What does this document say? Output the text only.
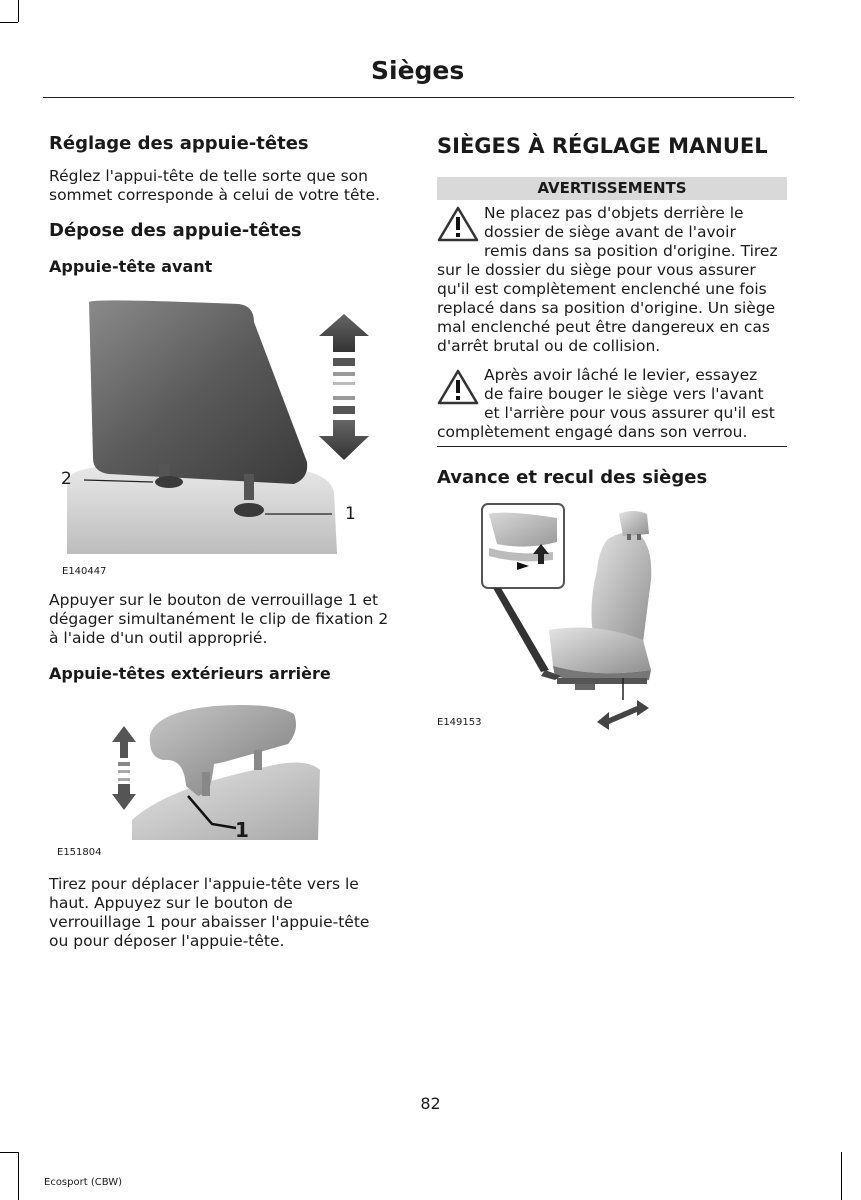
Sièges
Réglage des appuie-têtes
Réglez l'appui-tête de telle sorte que son
sommet corresponde à celui de votre tête.
Dépose des appuie-têtes
Appuie-tête avant
2
1
E140447
Appuyer sur le bouton de verrouillage 1 et
dégager simultanément le clip de fixation 2
à l'aide d'un outil approprié.
Appuie-têtes extérieurs arrière
1
E151804
Tirez pour déplacer l'appuie-tête vers le
haut. Appuyez sur le bouton de
verrouillage 1 pour abaisser l'appuie-tête
ou pour déposer l'appuie-tête.
SIÈGES À RÉGLAGE MANUEL
AVERTISSEMENTS
Ne placez pas d'objets derrière le
dossier de siège avant de l'avoir
remis dans sa position d'origine. Tirez
sur le dossier du siège pour vous assurer
qu'il est complètement enclenché une fois
replacé dans sa position d'origine. Un siège
mal enclenché peut être dangereux en cas
d'arrêt brutal ou de collision.
Après avoir lâché le levier, essayez
de faire bouger le siège vers l'avant
et l'arrière pour vous assurer qu'il est
complètement engagé dans son verrou.
Avance et recul des sièges
E149153
82
Ecosport (CBW)
